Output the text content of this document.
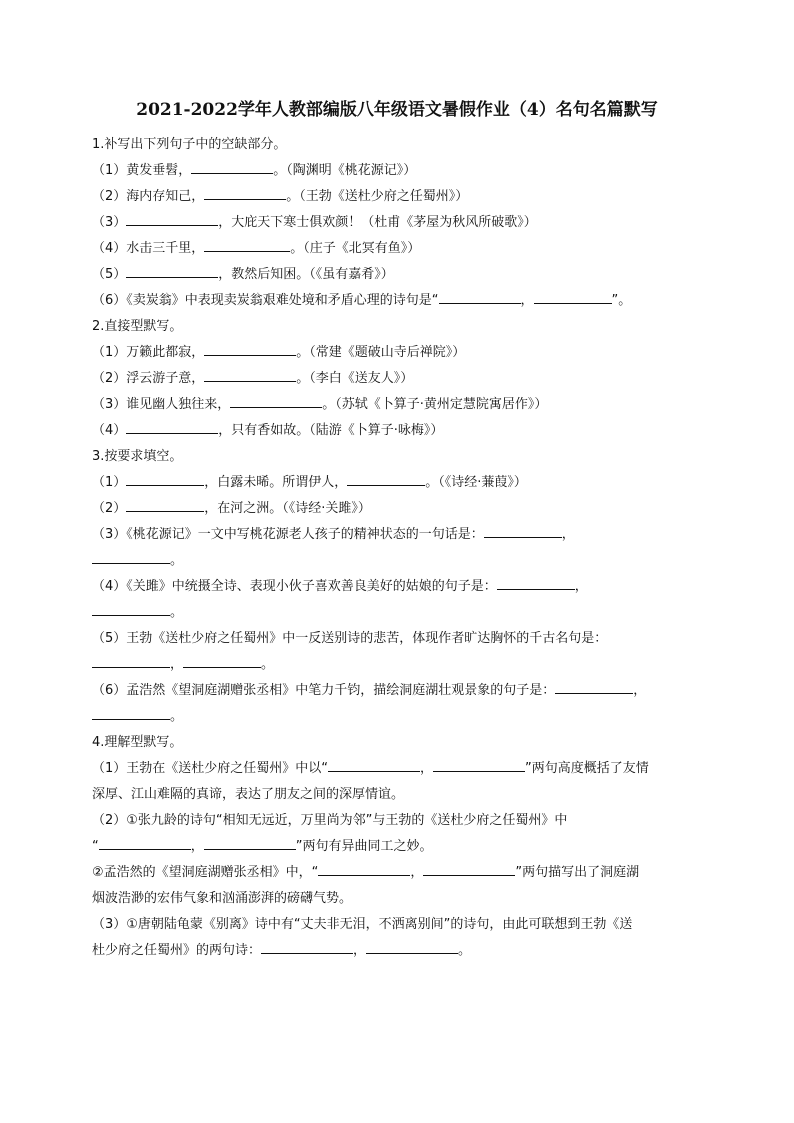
2021-2022学年人教部编版八年级语文暑假作业（4）名句名篇默写
1.补写出下列句子中的空缺部分。
（1）黄发垂髫，	。（陶渊明《桃花源记》）
（2）海内存知己，	。（王勃《送杜少府之任蜀州》）
（3）	，大庇天下寒士俱欢颜！（杜甫《茅屋为秋风所破歌》）
（4）水击三千里，	。（庄子《北冥有鱼》）
（5）	，教然后知困。（《虽有嘉肴》）
（6）《卖炭翁》中表现卖炭翁艰难处境和矛盾心理的诗句是“	，	”。
2.直接型默写。
（1）万籁此都寂，	。（常建《题破山寺后禅院》）
（2）浮云游子意，	。（李白《送友人》）
（3）谁见幽人独往来，	。（苏轼《卜算子·黄州定慧院寓居作》）
（4）	，只有香如故。（陆游《卜算子·咏梅》）
3.按要求填空。
（1）	，白露未晞。所谓伊人，	。（《诗经·蒹葭》）
（2）	，在河之洲。（《诗经·关雎》）
（3）《桃花源记》一文中写桃花源老人孩子的精神状态的一句话是：	，
。
（4）《关雎》中统摄全诗、表现小伙子喜欢善良美好的姑娘的句子是：	，
。
（5）王勃《送杜少府之任蜀州》中一反送别诗的悲苦，体现作者旷达胸怀的千古名句是：
，	。
（6）孟浩然《望洞庭湖赠张丞相》中笔力千钧，描绘洞庭湖壮观景象的句子是：	，
。
4.理解型默写。
（1）王勃在《送杜少府之任蜀州》中以“	，	”两句高度概括了友情
深厚、江山难隔的真谛，表达了朋友之间的深厚情谊。
（2）①张九龄的诗句“相知无远近，万里尚为邻”与王勃的《送杜少府之任蜀州》中
“	，	”两句有异曲同工之妙。
②孟浩然的《望洞庭湖赠张丞相》中，“	，	”两句描写出了洞庭湖
烟波浩渺的宏伟气象和汹涌澎湃的磅礴气势。
（3）①唐朝陆龟蒙《别离》诗中有“丈夫非无泪，不洒离别间”的诗句，由此可联想到王勃《送
杜少府之任蜀州》的两句诗：	，	。
